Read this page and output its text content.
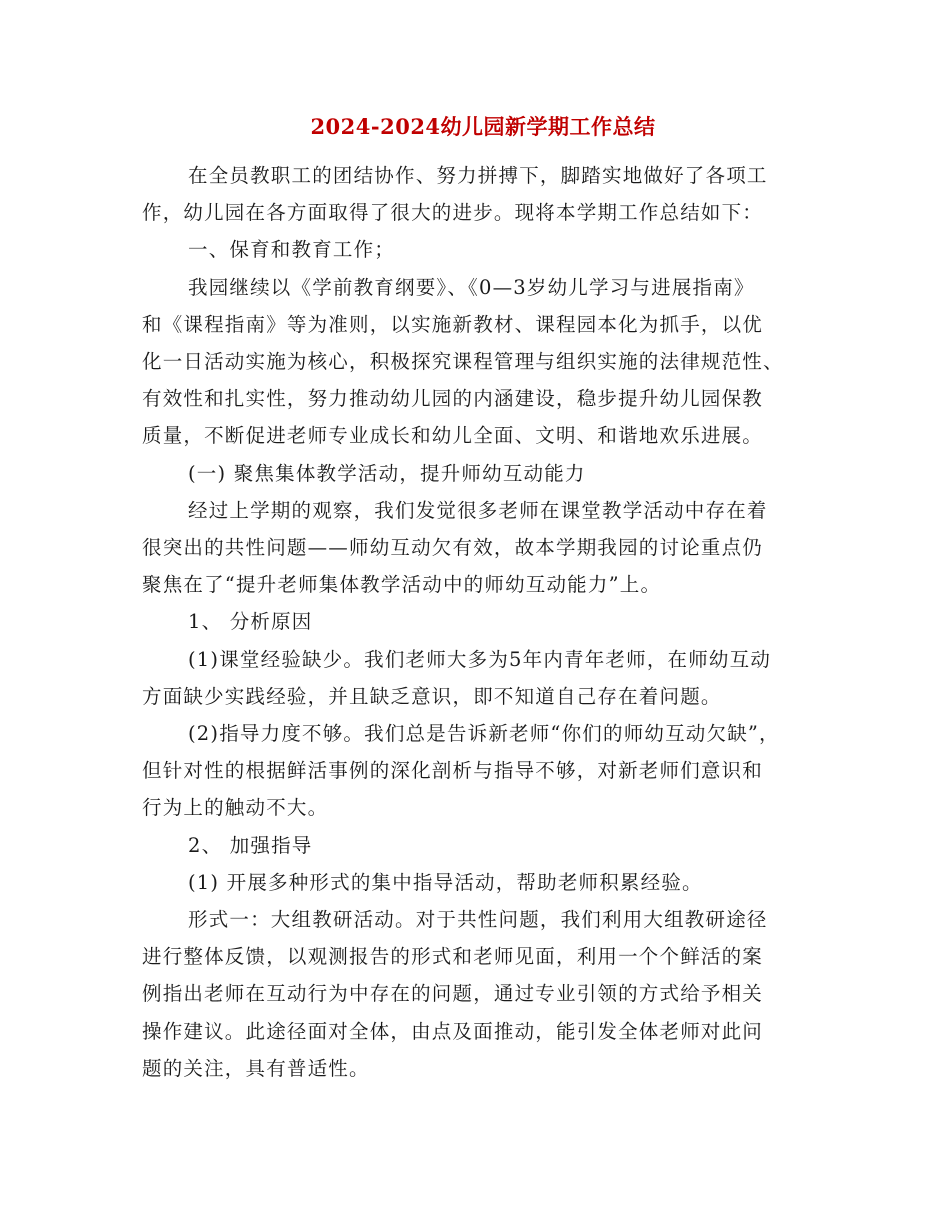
2024-2024幼儿园新学期工作总结
在全员教职工的团结协作、努力拼搏下，脚踏实地做好了各项工
作，幼儿园在各方面取得了很大的进步。现将本学期工作总结如下：
一、保育和教育工作；
我园继续以《学前教育纲要》、《0—3岁幼儿学习与进展指南》
和《课程指南》等为准则，以实施新教材、课程园本化为抓手，以优
化一日活动实施为核心，积极探究课程管理与组织实施的法律规范性、
有效性和扎实性，努力推动幼儿园的内涵建设，稳步提升幼儿园保教
质量，不断促进老师专业成长和幼儿全面、文明、和谐地欢乐进展。
(一) 聚焦集体教学活动，提升师幼互动能力
经过上学期的观察，我们发觉很多老师在课堂教学活动中存在着
很突出的共性问题——师幼互动欠有效，故本学期我园的讨论重点仍
聚焦在了“提升老师集体教学活动中的师幼互动能力”上。
1、 分析原因
(1)课堂经验缺少。我们老师大多为5年内青年老师，在师幼互动
方面缺少实践经验，并且缺乏意识，即不知道自己存在着问题。
(2)指导力度不够。我们总是告诉新老师“你们的师幼互动欠缺”，
但针对性的根据鲜活事例的深化剖析与指导不够，对新老师们意识和
行为上的触动不大。
2、 加强指导
(1) 开展多种形式的集中指导活动，帮助老师积累经验。
形式一：大组教研活动。对于共性问题，我们利用大组教研途径
进行整体反馈，以观测报告的形式和老师见面，利用一个个鲜活的案
例指出老师在互动行为中存在的问题，通过专业引领的方式给予相关
操作建议。此途径面对全体，由点及面推动，能引发全体老师对此问
题的关注，具有普适性。
